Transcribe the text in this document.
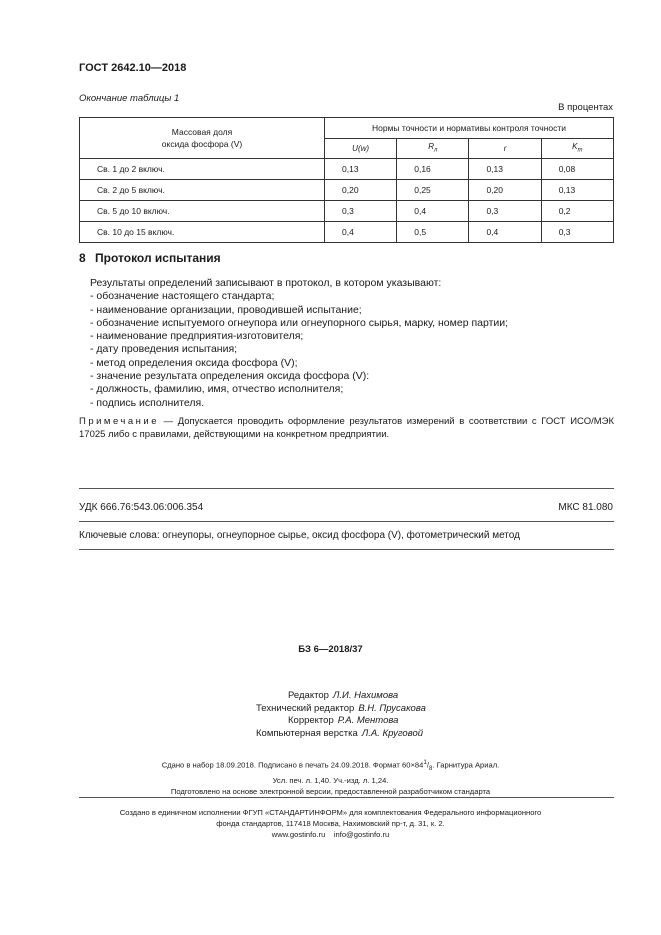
ГОСТ 2642.10—2018
Окончание таблицы 1
В процентах
Массовая доля
оксида фосфора (V)	Нормы точности и нормативы контроля точности			
	U(w)	$R_л$	r	$K_т$
Св. 1 до 2 включ.	0,13	0,16	0,13	0,08
Св. 2 до 5 включ.	0,20	0,25	0,20	0,13
Св. 5 до 10 включ.	0,3	0,4	0,3	0,2
Св. 10 до 15 включ.	0,4	0,5	0,4	0,3
8 Протокол испытания
Результаты определений записывают в протокол, в котором указывают:
- обозначение настоящего стандарта;
- наименование организации, проводившей испытание;
- обозначение испытуемого огнеупора или огнеупорного сырья, марку, номер партии;
- наименование предприятия-изготовителя;
- дату проведения испытания;
- метод определения оксида фосфора (V);
- значение результата определения оксида фосфора (V):
- должность, фамилию, имя, отчество исполнителя;
- подпись исполнителя.
Примечание — Допускается проводить оформление результатов измерений в соответствии с ГОСТ ИСО/МЭК 17025 либо с правилами, действующими на конкретном предприятии.
УДК 666.76:543.06:006.354	МКС 81.080
Ключевые слова: огнеупоры, огнеупорное сырье, оксид фосфора (V), фотометрический метод
БЗ 6—2018/37
Редактор Л.И. Нахимова
Технический редактор В.Н. Прусакова
Корректор Р.А. Ментова
Компьютерная верстка Л.А. Круговой
Сдано в набор 18.09.2018. Подписано в печать 24.09.2018. Формат $60\times 84^1/_8$. Гарнитура Ариал.
Усл. печ. л. 1,40. Уч.-изд. л. 1,24.
Подготовлено на основе электронной версии, предоставленной разработчиком стандарта
Создано в единичном исполнении ФГУП «СТАНДАРТИНФОРМ» для комплектования Федерального информационного
фонда стандартов, 117418 Москва, Нахимовский пр-т, д. 31, к. 2.
www.gostinfo.ru info@gostinfo.ru
